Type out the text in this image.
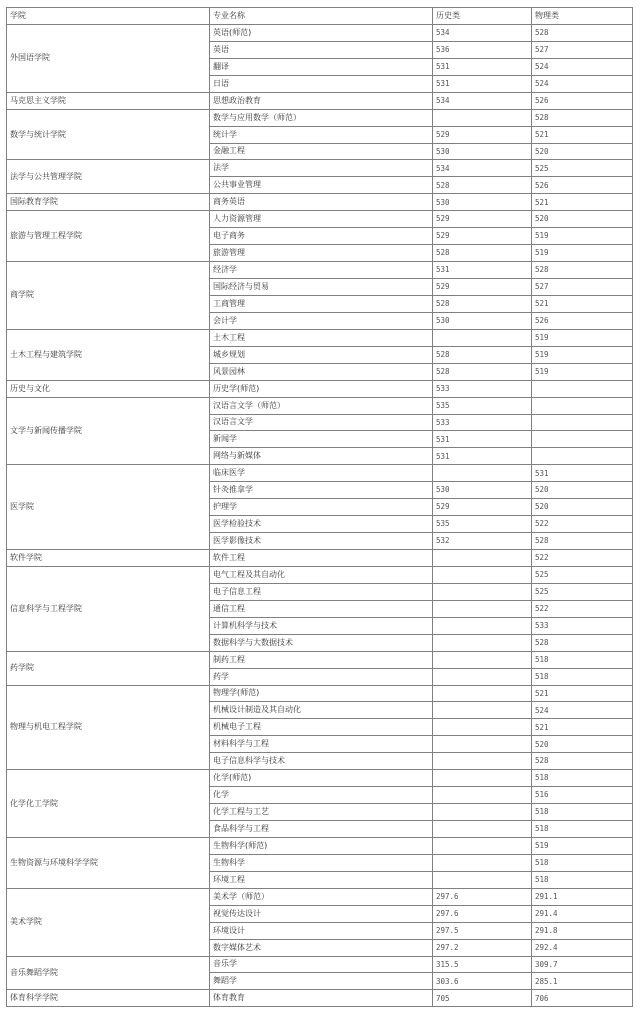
学院	专业名称	历史类	物理类
外国语学院	英语(师范)	534	528
	英语	536	527
	翻译	531	524
	日语	531	524
马克思主义学院	思想政治教育	534	526
数学与统计学院	数学与应用数学（师范）		528
	统计学	529	521
	金融工程	530	520
法学与公共管理学院	法学	534	525
	公共事业管理	528	526
国际教育学院	商务英语	530	521
旅游与管理工程学院	人力资源管理	529	520
	电子商务	529	519
	旅游管理	528	519
商学院	经济学	531	528
	国际经济与贸易	529	527
	工商管理	528	521
	会计学	530	526
土木工程与建筑学院	土木工程		519
	城乡规划	528	519
	风景园林	528	519
历史与文化	历史学(师范)	533	
文学与新闻传播学院	汉语言文学（师范）	535	
	汉语言文学	533	
	新闻学	531	
	网络与新媒体	531	
医学院	临床医学		531
	针灸推拿学	530	520
	护理学	529	520
	医学检验技术	535	522
	医学影像技术	532	528
软件学院	软件工程		522
信息科学与工程学院	电气工程及其自动化		525
	电子信息工程		525
	通信工程		522
	计算机科学与技术		533
	数据科学与大数据技术		528
药学院	制药工程		518
	药学		518
物理与机电工程学院	物理学(师范)		521
	机械设计制造及其自动化		524
	机械电子工程		521
	材料科学与工程		520
	电子信息科学与技术		528
化学化工学院	化学(师范)		518
	化学		516
	化学工程与工艺		518
	食品科学与工程		518
生物资源与环境科学学院	生物科学(师范)		519
	生物科学		518
	环境工程		518
美术学院	美术学（师范）	297.6	291.1
	视觉传达设计	297.6	291.4
	环境设计	297.5	291.8
	数字媒体艺术	297.2	292.4
音乐舞蹈学院	音乐学	315.5	309.7
	舞蹈学	303.6	285.1
体育科学学院	体育教育	705	706
